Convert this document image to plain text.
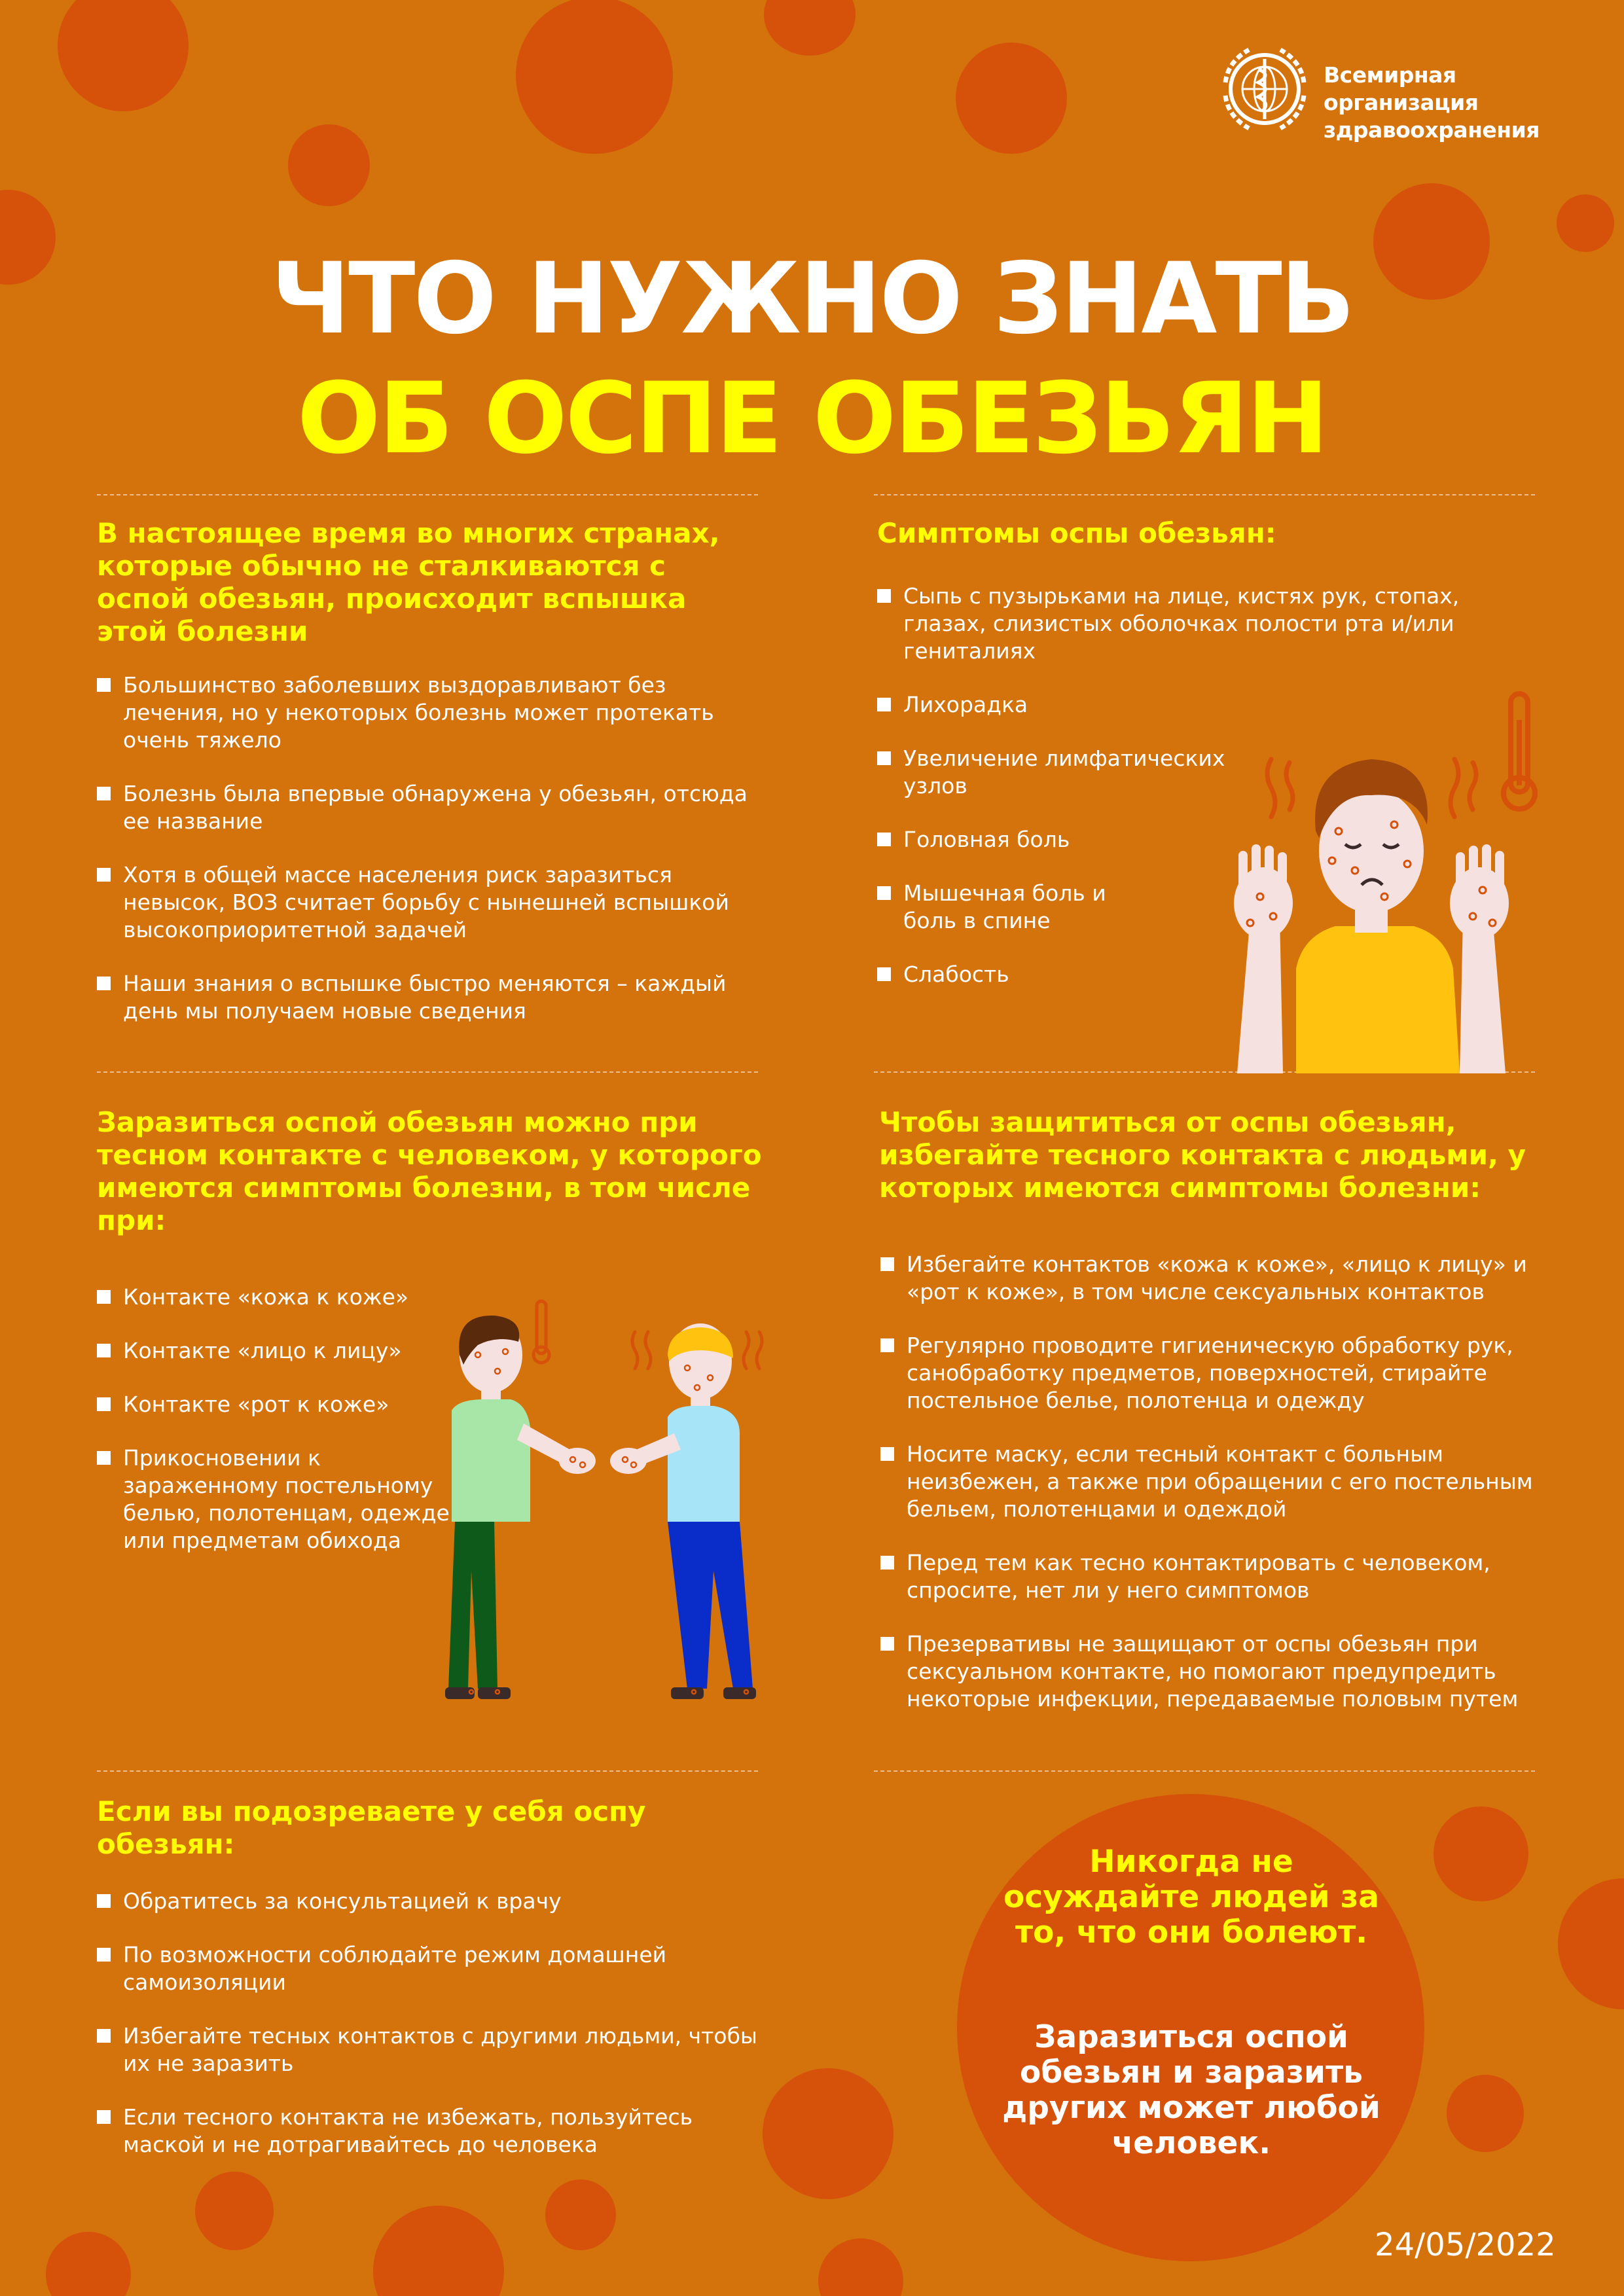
Всемирная организация
здравоохранения
ЧТО НУЖНО ЗНАТЬ
ОБ ОСПЕ ОБЕЗЬЯН
В настоящее время во многих странах, которые обычно не сталкиваются с оспой обезьян, происходит вспышка этой болезни
Большинство заболевших выздоравливают без лечения, но у некоторых болезнь может протекать очень тяжело
Болезнь была впервые обнаружена у обезьян, отсюда ее название
Хотя в общей массе населения риск заразиться невысок, ВОЗ считает борьбу с нынешней вспышкой высокоприоритетной задачей
Наши знания о вспышке быстро меняются – каждый день мы получаем новые сведения
Симптомы оспы обезьян:
Сыпь с пузырьками на лице, кистях рук, стопах, глазах, слизистых оболочках полости рта и/или гениталиях
Лихорадка
Увеличение лимфатических узлов
Головная боль
Мышечная боль и боль в спине
Слабость
Заразиться оспой обезьян можно при тесном контакте с человеком, у которого имеются симптомы болезни, в том числе при:
Контакте «кожа к коже»
Контакте «лицо к лицу»
Контакте «рот к коже»
Прикосновении к зараженному постельному белью, полотенцам, одежде или предметам обихода
Чтобы защититься от оспы обезьян, избегайте тесного контакта с людьми, у которых имеются симптомы болезни:
Избегайте контактов «кожа к коже», «лицо к лицу» и «рот к коже», в том числе сексуальных контактов
Регулярно проводите гигиеническую обработку рук, санобработку предметов, поверхностей, стирайте постельное белье, полотенца и одежду
Носите маску, если тесный контакт с больным неизбежен, а также при обращении с его постельным бельем, полотенцами и одеждой
Перед тем как тесно контактировать с человеком, спросите, нет ли у него симптомов
Презервативы не защищают от оспы обезьян при сексуальном контакте, но помогают предупредить некоторые инфекции, передаваемые половым путем
Если вы подозреваете у себя оспу обезьян:
Обратитесь за консультацией к врачу
По возможности соблюдайте режим домашней самоизоляции
Избегайте тесных контактов с другими людьми, чтобы их не заразить
Если тесного контакта не избежать, пользуйтесь маской и не дотрагивайтесь до человека
Никогда не осуждайте людей за то, что они болеют.
Заразиться оспой обезьян и заразить других может любой человек.
24/05/2022
